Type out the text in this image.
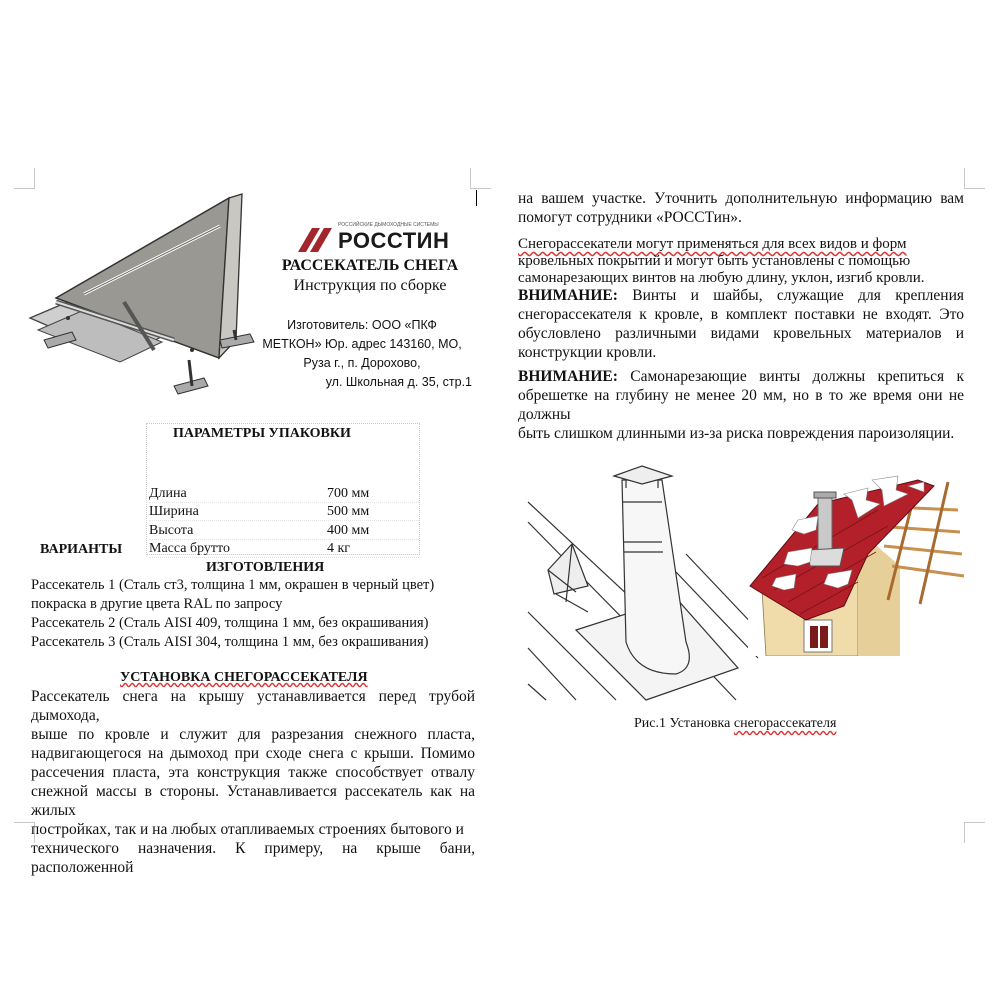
РОССИЙСКИЕ ДЫМОХОДНЫЕ СИСТЕМЫ
РОССТИН
РАССЕКАТЕЛЬ СНЕГА
Инструкция по сборке
Изготовитель: ООО «ПКФ
МЕТКОН» Юр. адрес 143160, МО,
Руза г., п. Дорохово,
ул. Школьная д. 35, стр.1
ПАРАМЕТРЫ УПАКОВКИ
Длина	700 мм
Ширина	500 мм
Высота	400 мм
Масса брутто	4 кг
ВАРИАНТЫ
ИЗГОТОВЛЕНИЯ
Рассекатель 1 (Сталь ст3, толщина 1 мм, окрашен в черный цвет)
покраска в другие цвета RAL по запросу
Рассекатель 2 (Сталь AISI 409, толщина 1 мм, без окрашивания)
Рассекатель 3 (Сталь AISI 304, толщина 1 мм, без окрашивания)
УСТАНОВКА СНЕГОРАССЕКАТЕЛЯ
Рассекатель снега на крышу устанавливается перед трубой дымохода,
выше по кровле и служит для разрезания снежного пласта,
надвигающегося на дымоход при сходе снега с крыши. Помимо
рассечения пласта, эта конструкция также способствует отвалу
снежной массы в стороны. Устанавливается рассекатель как на жилых
постройках, так и на любых отапливаемых строениях бытового и
технического назначения. К примеру, на крыше бани, расположенной
на вашем участке. Уточнить дополнительную информацию вам
помогут сотрудники «РОССТин».
Снегорассекатели могут применяться для всех видов и форм
кровельных покрытий и могут быть установлены с помощью
самонарезающих винтов на любую длину, уклон, изгиб кровли.
ВНИМАНИЕ: Винты и шайбы, служащие для крепления
снегорассекателя к кровле, в комплект поставки не входят. Это
обусловлено различными видами кровельных материалов и
конструкции кровли.
ВНИМАНИЕ: Самонарезающие винты должны крепиться к
обрешетке на глубину не менее 20 мм, но в то же время они не должны
быть слишком длинными из-за риска повреждения пароизоляции.
Рис.1 Установка снегорассекателя
